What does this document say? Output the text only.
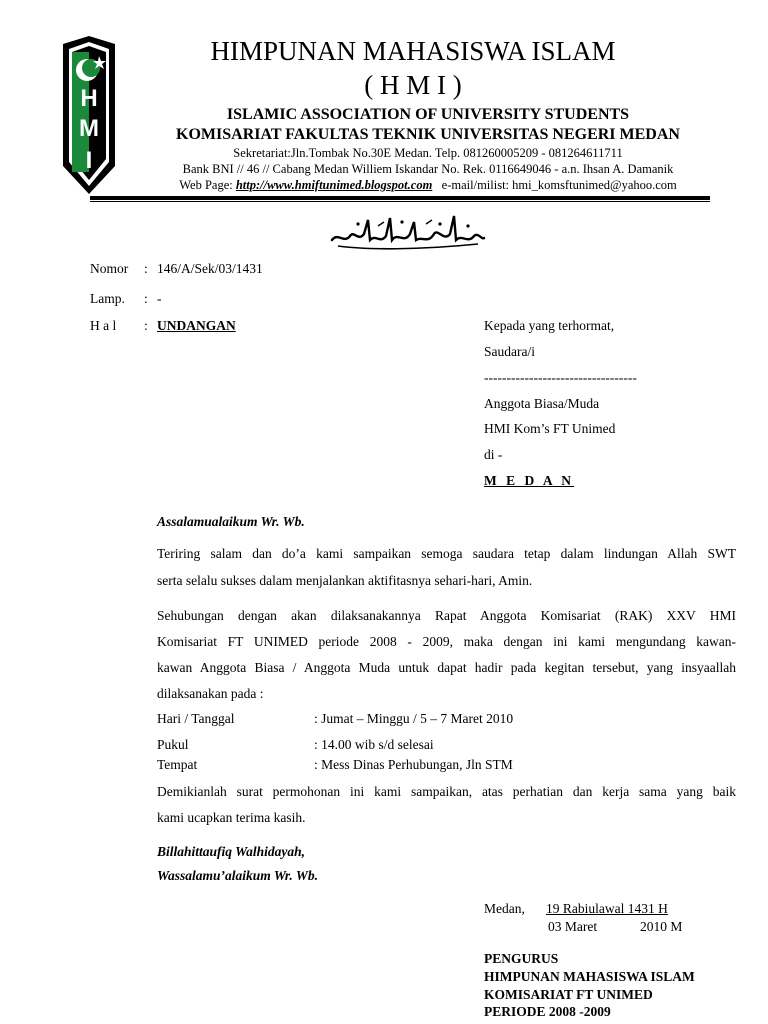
H
M
I
HIMPUNAN MAHASISWA ISLAM
( H M I )
ISLAMIC ASSOCIATION OF UNIVERSITY STUDENTS
KOMISARIAT FAKULTAS TEKNIK UNIVERSITAS NEGERI MEDAN
Sekretariat:Jln.Tombak No.30E Medan. Telp. 081260005209 - 081264611711
Bank BNI // 46 // Cabang Medan Williem Iskandar No. Rek. 0116649046 - a.n. Ihsan A. Damanik
Web Page: http://www.hmiftunimed.blogspot.com e-mail/milist: hmi_komsftunimed@yahoo.com
Nomor : 146/A/Sek/03/1431
Lamp. : -
H a l : UNDANGAN	Kepada yang terhormat,
Saudara/i
----------------------------------
Anggota Biasa/Muda
HMI Kom’s FT Unimed
di -
M E D A N
Assalamualaikum Wr. Wb.
Teriring salam dan do’a kami sampaikan semoga saudara tetap dalam lindungan Allah SWT
serta selalu sukses dalam menjalankan aktifitasnya sehari-hari, Amin.
Sehubungan dengan akan dilaksanakannya Rapat Anggota Komisariat (RAK) XXV HMI
Komisariat FT UNIMED periode 2008 - 2009, maka dengan ini kami mengundang kawan-
kawan Anggota Biasa / Anggota Muda untuk dapat hadir pada kegitan tersebut, yang insyaallah
dilaksanakan pada :
Hari / Tanggal	: Jumat – Minggu / 5 – 7 Maret 2010
Pukul	: 14.00 wib s/d selesai
Tempat	: Mess Dinas Perhubungan, Jln STM
Demikianlah surat permohonan ini kami sampaikan, atas perhatian dan kerja sama yang baik
kami ucapkan terima kasih.
Billahittaufiq Walhidayah,
Wassalamu’alaikum Wr. Wb.
Medan,	19 Rabiulawal 1431 H
03 Maret	2010 M
PENGURUS
HIMPUNAN MAHASISWA ISLAM
KOMISARIAT FT UNIMED
PERIODE 2008 -2009
